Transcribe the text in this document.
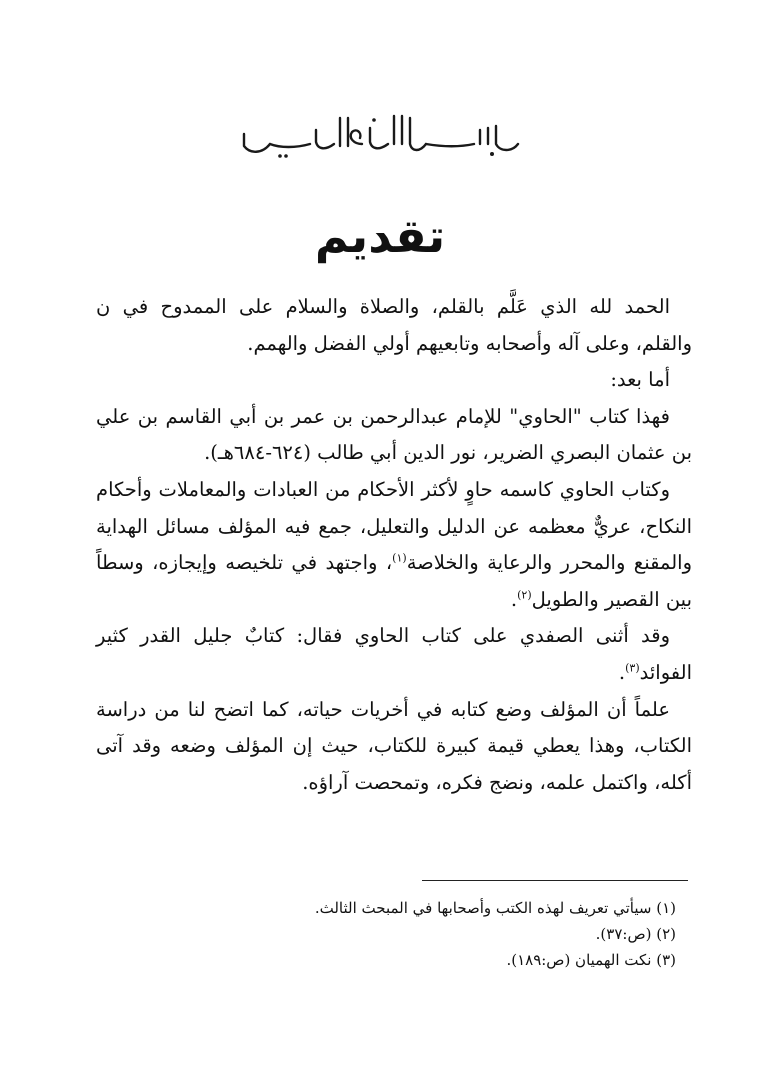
تقديم

الحمد لله الذي عَلَّم بالقلم، والصلاة والسلام على الممدوح في ن والقلم، وعلى آله وأصحابه وتابعيهم أولي الفضل والهمم.

أما بعد:

فهذا كتاب "الحاوي" للإمام عبدالرحمن بن عمر بن أبي القاسم بن علي بن عثمان البصري الضرير، نور الدين أبي طالب (٦٢٤-٦٨٤هـ).

وكتاب الحاوي كاسمه حاوٍ لأكثر الأحكام من العبادات والمعاملات وأحكام النكاح، عريٌّ معظمه عن الدليل والتعليل، جمع فيه المؤلف مسائل الهداية والمقنع والمحرر والرعاية والخلاصة$^{(١)}$، واجتهد في تلخيصه وإيجازه، وسطاً بين القصير والطويل$^{(٢)}$.

وقد أثنى الصفدي على كتاب الحاوي فقال: كتابٌ جليل القدر كثير الفوائد$^{(٣)}$.

علماً أن المؤلف وضع كتابه في أخريات حياته، كما اتضح لنا من دراسة الكتاب، وهذا يعطي قيمة كبيرة للكتاب، حيث إن المؤلف وضعه وقد آتى أكله، واكتمل علمه، ونضج فكره، وتمحصت آراؤه.

(١) سيأتي تعريف لهذه الكتب وأصحابها في المبحث الثالث.
(٢) (ص:٣٧).
(٣) نكت الهميان (ص:١٨٩).
